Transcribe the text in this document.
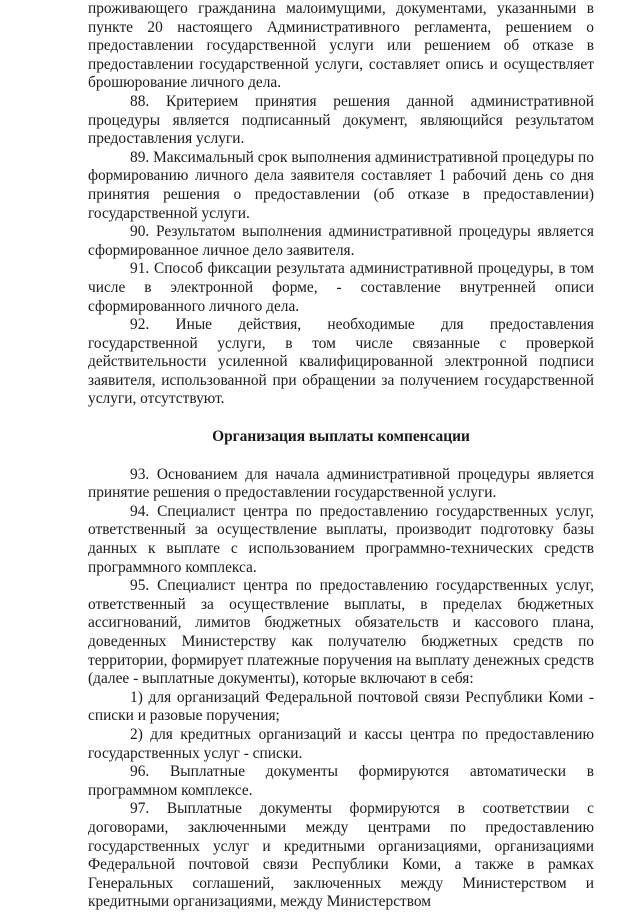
проживающего гражданина малоимущими, документами, указанными в пункте 20 настоящего Административного регламента, решением о предоставлении государственной услуги или решением об отказе в предоставлении государственной услуги, составляет опись и осуществляет брошюрование личного дела.

88. Критерием принятия решения данной административной процедуры является подписанный документ, являющийся результатом предоставления услуги.

89. Максимальный срок выполнения административной процедуры по формированию личного дела заявителя составляет 1 рабочий день со дня принятия решения о предоставлении (об отказе в предоставлении) государственной услуги.

90. Результатом выполнения административной процедуры является сформированное личное дело заявителя.

91. Способ фиксации результата административной процедуры, в том числе в электронной форме, - составление внутренней описи сформированного личного дела.

92. Иные действия, необходимые для предоставления государственной услуги, в том числе связанные с проверкой действительности усиленной квалифицированной электронной подписи заявителя, использованной при обращении за получением государственной услуги, отсутствуют.

Организация выплаты компенсации

93. Основанием для начала административной процедуры является принятие решения о предоставлении государственной услуги.

94. Специалист центра по предоставлению государственных услуг, ответственный за осуществление выплаты, производит подготовку базы данных к выплате с использованием программно-технических средств программного комплекса.

95. Специалист центра по предоставлению государственных услуг, ответственный за осуществление выплаты, в пределах бюджетных ассигнований, лимитов бюджетных обязательств и кассового плана, доведенных Министерству как получателю бюджетных средств по территории, формирует платежные поручения на выплату денежных средств (далее - выплатные документы), которые включают в себя:

1) для организаций Федеральной почтовой связи Республики Коми - списки и разовые поручения;

2) для кредитных организаций и кассы центра по предоставлению государственных услуг - списки.

96. Выплатные документы формируются автоматически в программном комплексе.

97. Выплатные документы формируются в соответствии с договорами, заключенными между центрами по предоставлению государственных услуг и кредитными организациями, организациями Федеральной почтовой связи Республики Коми, а также в рамках Генеральных соглашений, заключенных между Министерством и кредитными организациями, между Министерством
